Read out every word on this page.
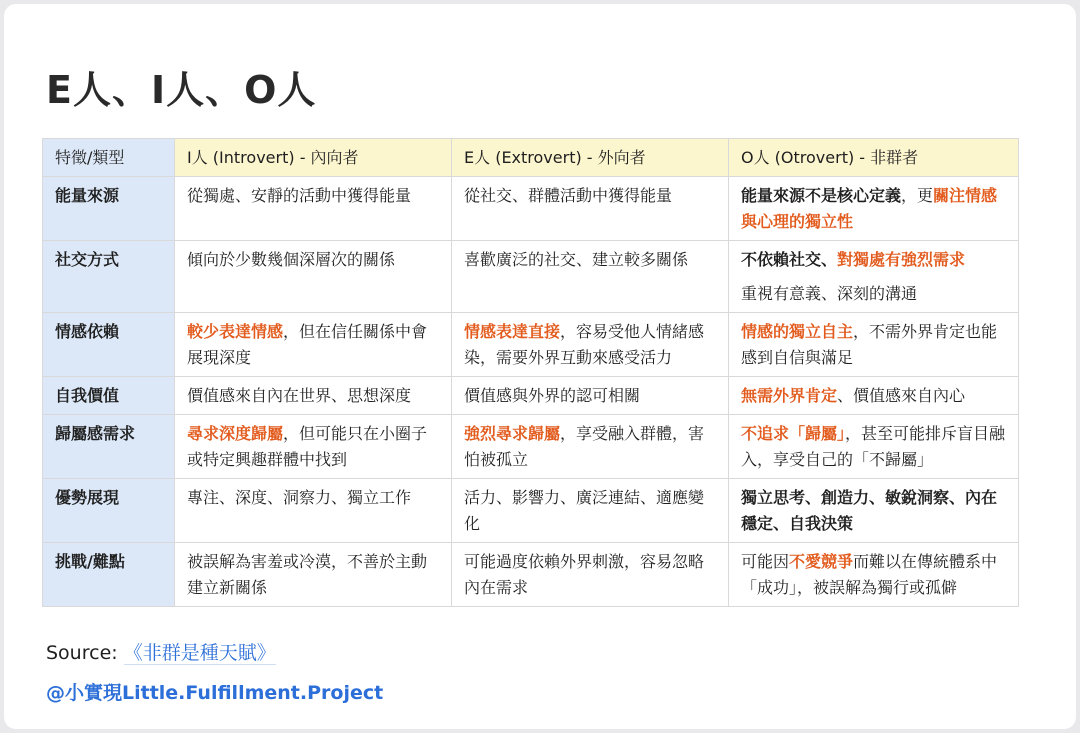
E人、I人、O人
特徵/類型	I人 (Introvert) - 內向者	E人 (Extrovert) - 外向者	O人 (Otrovert) - 非群者
能量來源	從獨處、安靜的活動中獲得能量	從社交、群體活動中獲得能量	能量來源不是核心定義，更關注情感與心理的獨立性
社交方式	傾向於少數幾個深層次的關係	喜歡廣泛的社交、建立較多關係	不依賴社交、對獨處有強烈需求
重視有意義、深刻的溝通

情感依賴	較少表達情感，但在信任關係中會展現深度	情感表達直接，容易受他人情緒感染，需要外界互動來感受活力	情感的獨立自主，不需外界肯定也能感到自信與滿足
自我價值	價值感來自內在世界、思想深度	價值感與外界的認可相關	無需外界肯定、價值感來自內心
歸屬感需求	尋求深度歸屬，但可能只在小圈子或特定興趣群體中找到	強烈尋求歸屬，享受融入群體，害怕被孤立	不追求「歸屬」，甚至可能排斥盲目融入，享受自己的「不歸屬」
優勢展現	專注、深度、洞察力、獨立工作	活力、影響力、廣泛連結、適應變化	獨立思考、創造力、敏銳洞察、內在穩定、自我決策
挑戰/難點	被誤解為害羞或冷漠，不善於主動建立新關係	可能過度依賴外界刺激，容易忽略內在需求	可能因不愛競爭而難以在傳統體系中「成功」，被誤解為獨行或孤僻
Source: 《非群是種天賦》
@小實現Little.Fulfillment.Project
